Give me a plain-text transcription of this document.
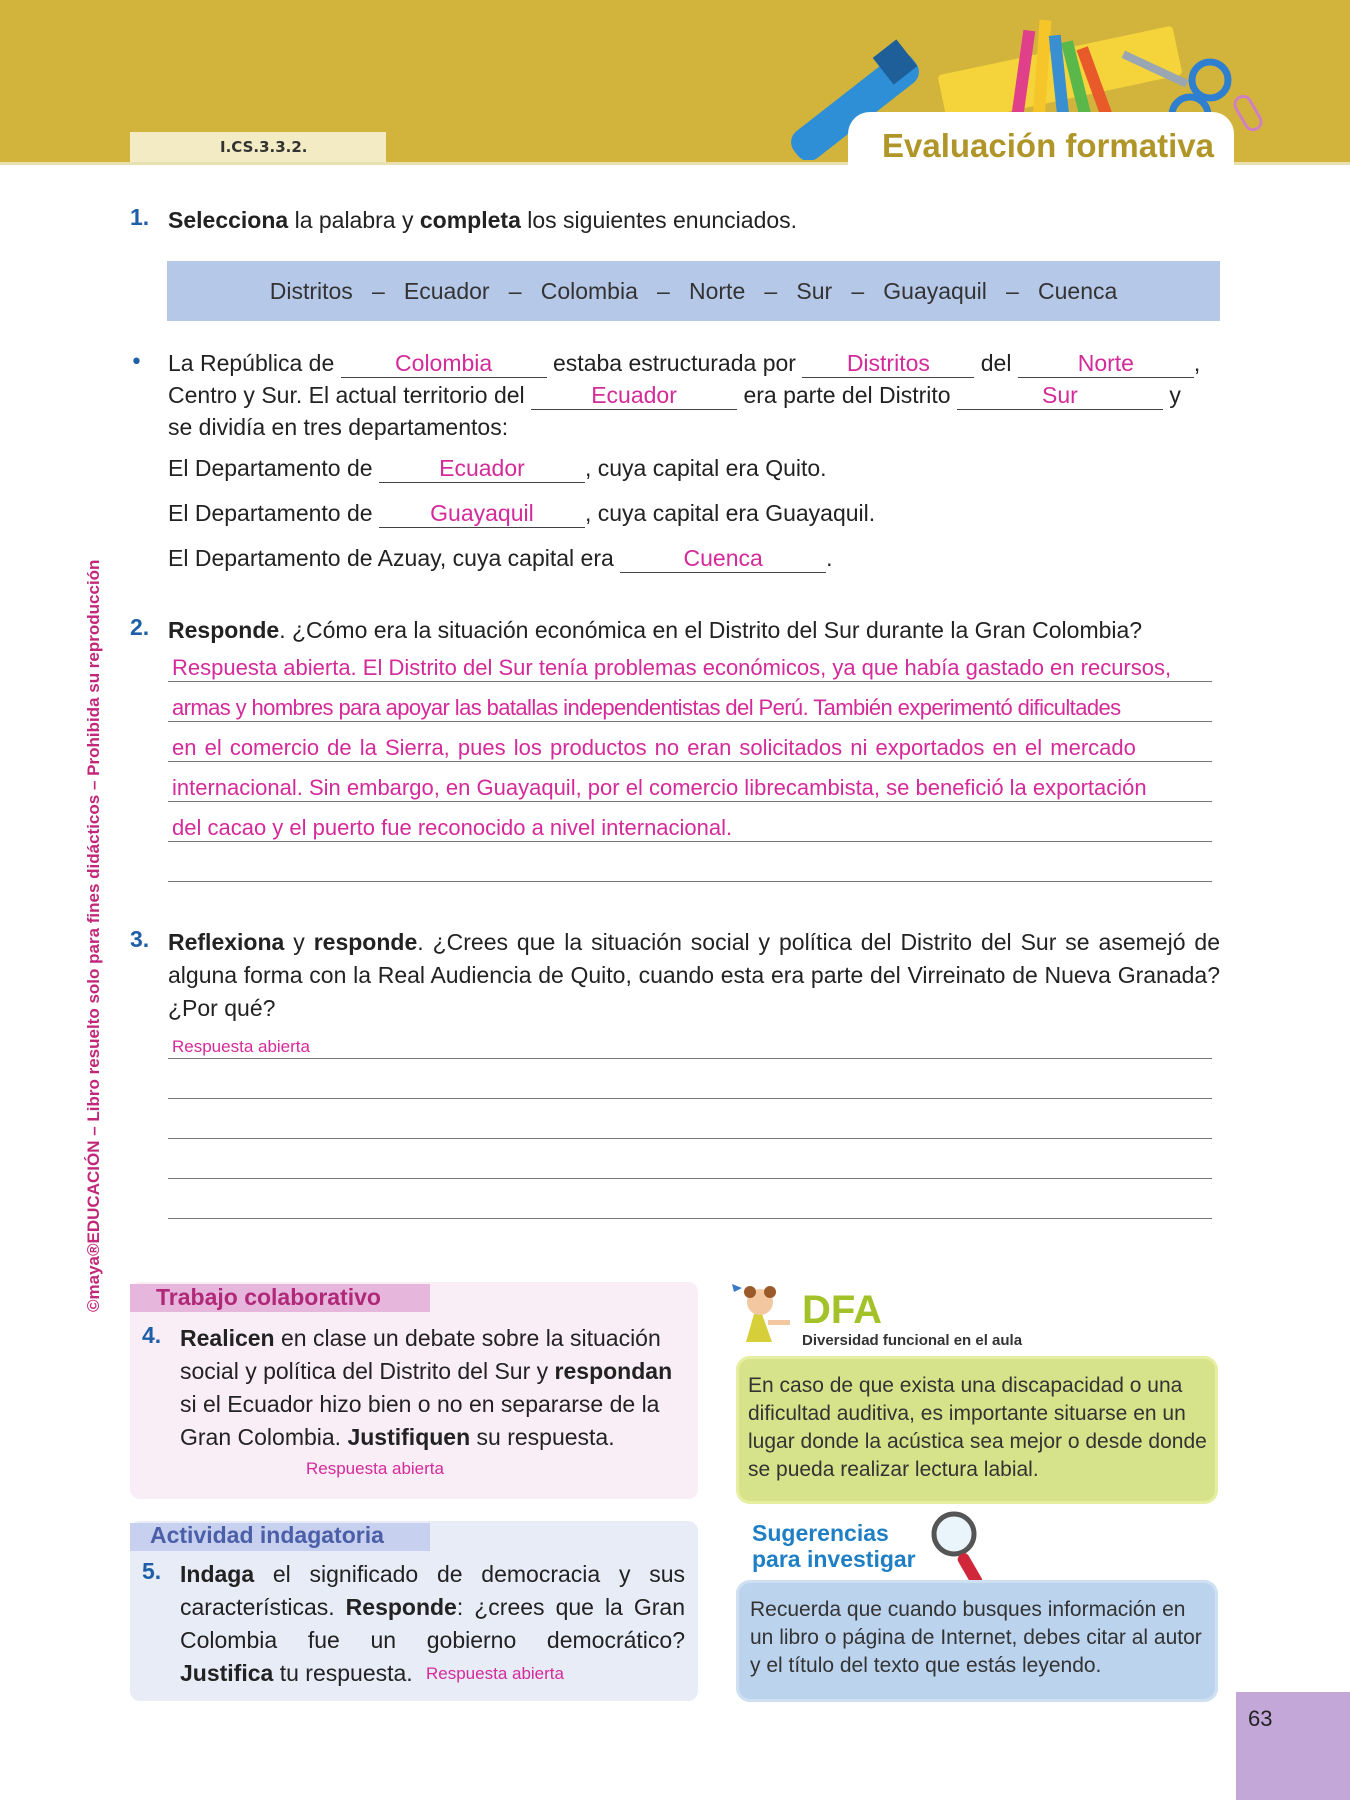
I.CS.3.3.2.	Evaluación formativa
©maya®EDUCACIÓN – Libro resuelto solo para fines didácticos – Prohibida su reproducción
1. Selecciona la palabra y completa los siguientes enunciados.
Distritos   –   Ecuador   –   Colombia   –   Norte   –   Sur   –   Guayaquil   –   Cuenca
• La República de Colombia estaba estructurada por Distritos del	Norte	,
Centro y Sur. El actual territorio del	Ecuador	era parte del Distrito	Sur	y
se dividía en tres departamentos:
El Departamento de	Ecuador	, cuya capital era Quito.
El Departamento de Guayaquil , cuya capital era Guayaquil.
El Departamento de Azuay, cuya capital era	Cuenca	.
2. Responde. ¿Cómo era la situación económica en el Distrito del Sur durante la Gran Colombia?
Respuesta abierta. El Distrito del Sur tenía problemas económicos, ya que había gastado en recursos,
armas y hombres para apoyar las batallas independentistas del Perú. También experimentó dificultades
en el comercio de la Sierra, pues los productos no eran solicitados ni exportados en el mercado
internacional. Sin embargo, en Guayaquil, por el comercio librecambista, se benefició la exportación
del cacao y el puerto fue reconocido a nivel internacional.
3. Reflexiona y responde. ¿Crees que la situación social y política del Distrito del Sur se asemejó de alguna forma con la Real Audiencia de Quito, cuando esta era parte del Virreinato de Nueva Granada? ¿Por qué?
Respuesta abierta
Trabajo colaborativo
4. Realicen en clase un debate sobre la situación social y política del Distrito del Sur y respondan si el Ecuador hizo bien o no en separarse de la Gran Colombia. Justifiquen su respuesta.
Respuesta abierta
Actividad indagatoria
5. Indaga el significado de democracia y sus características. Responde: ¿crees que la Gran Colombia fue un gobierno democrático? Justifica tu respuesta. Respuesta abierta
DFA
Diversidad funcional en el aula
En caso de que exista una discapacidad o una dificultad auditiva, es importante situarse en un lugar donde la acústica sea mejor o desde donde se pueda realizar lectura labial.
Sugerencias
para investigar
Recuerda que cuando busques información en un libro o página de Internet, debes citar al autor y el título del texto que estás leyendo.
63
